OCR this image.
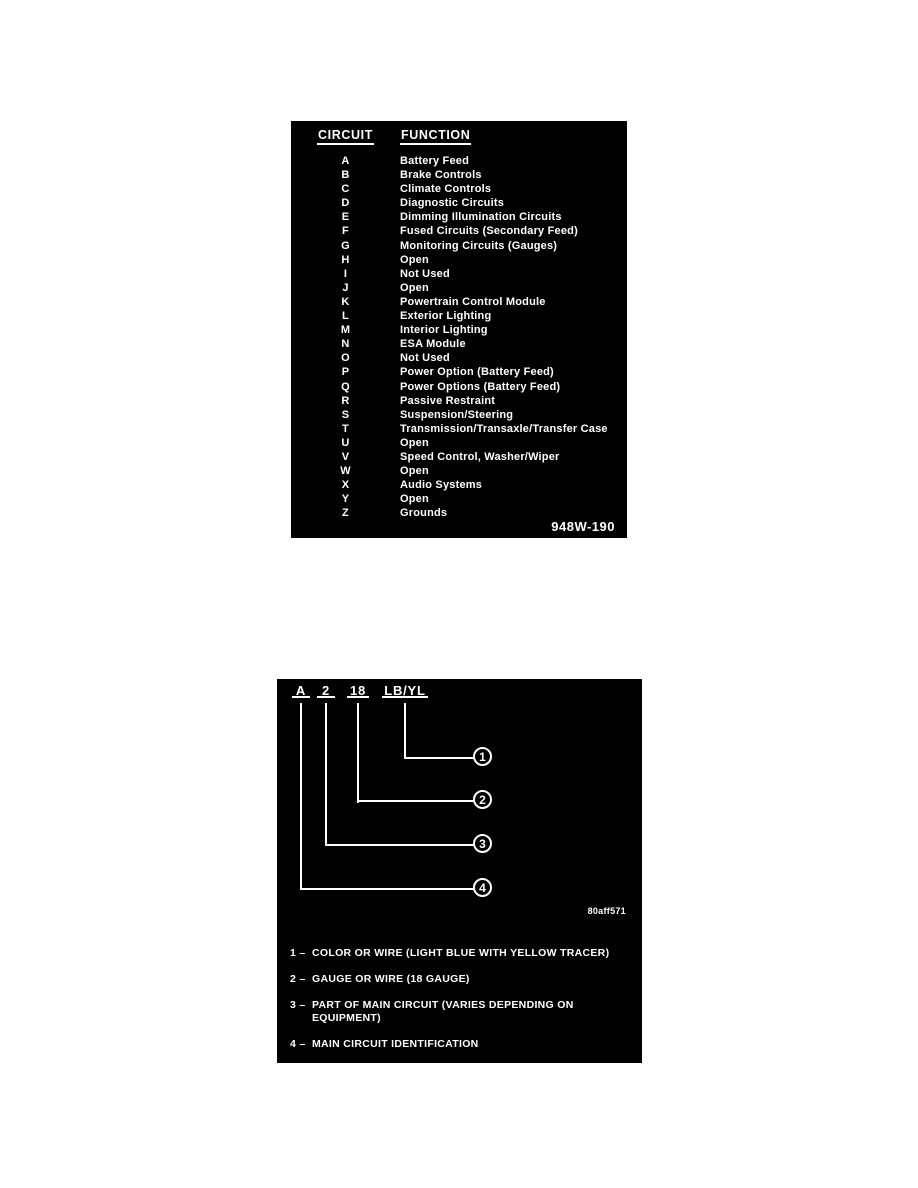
CIRCUIT FUNCTION
A	Battery Feed
B	Brake Controls
C	Climate Controls
D	Diagnostic Circuits
E	Dimming Illumination Circuits
F	Fused Circuits (Secondary Feed)
G	Monitoring Circuits (Gauges)
H	Open
I	Not Used
J	Open
K	Powertrain Control Module
L	Exterior Lighting
M	Interior Lighting
N	ESA Module
O	Not Used
P	Power Option (Battery Feed)
Q	Power Options (Battery Feed)
R	Passive Restraint
S	Suspension/Steering
T	Transmission/Transaxle/Transfer Case
U	Open
V	Speed Control, Washer/Wiper
W	Open
X	Audio Systems
Y	Open
Z	Grounds
948W-190
A	2	18 LB/YL
1
2
3
4
80aff571
1 – COLOR OR WIRE (LIGHT BLUE WITH YELLOW TRACER)
2 – GAUGE OR WIRE (18 GAUGE)
3 – PART OF MAIN CIRCUIT (VARIES DEPENDING ON EQUIPMENT)
4 – MAIN CIRCUIT IDENTIFICATION
